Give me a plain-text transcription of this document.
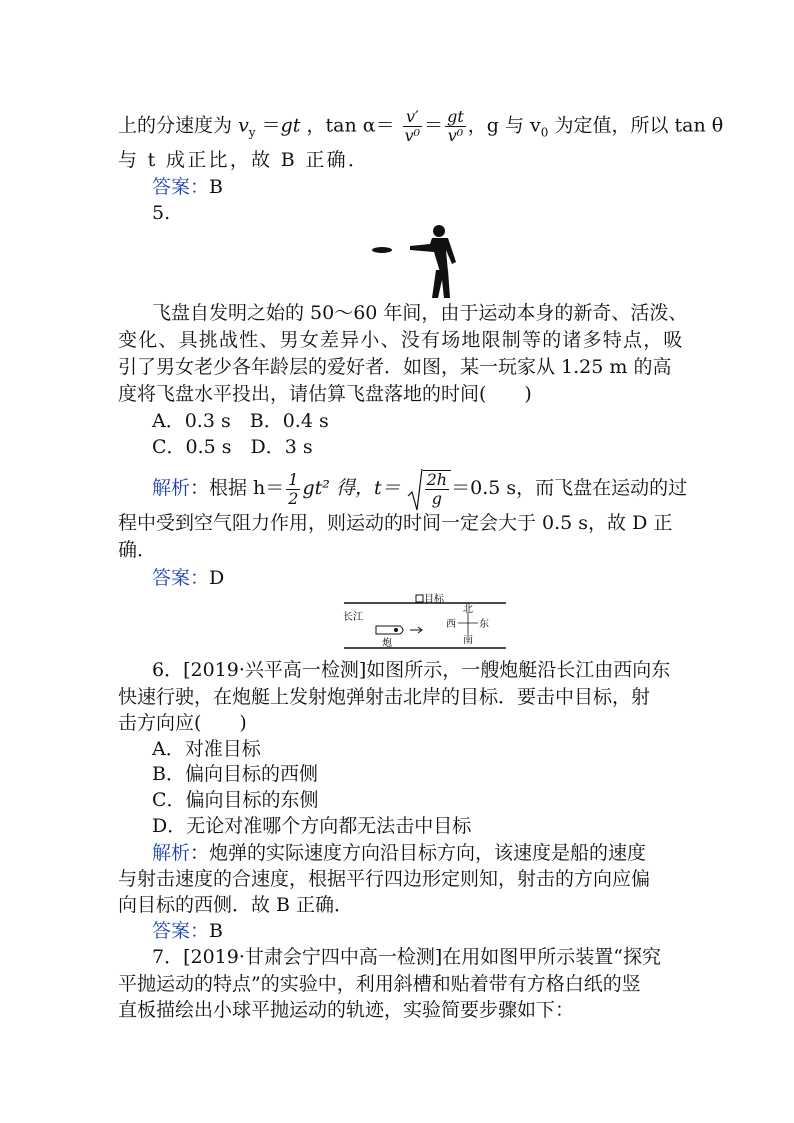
上的分速度为 $v_y =gt$ ，$\tan \alpha= \frac{v'}{\text{v⁰}} = \frac{gt}{\text{v⁰}}$ ，g 与 $v_0$ 为定值，所以 tan θ
与 t 成正比，故 B 正确．
答案：B
5.
飞盘自发明之始的 50～60 年间，由于运动本身的新奇、活泼、
变化、具挑战性、男女差异小、没有场地限制等的诸多特点，吸
引了男女老少各年龄层的爱好者．如图，某一玩家从 1.25 m 的高
度将飞盘水平投出，请估算飞盘落地的时间(　　)
A．0.3 s　B．0.4 s
C．0.5 s　D．3 s
解析：根据 $h= \frac{1}{2} gt^2$ 得，$t= \frac{2h}{g} =0.5$ s，而飞盘在运动的过
程中受到空气阻力作用，则运动的时间一定会大于 0.5 s，故 D 正
确．
答案：D
目标
长江
炮
北
西 东
南
6．[2019·兴平高一检测]如图所示，一艘炮艇沿长江由西向东
快速行驶，在炮艇上发射炮弹射击北岸的目标．要击中目标，射
击方向应(　　)
A．对准目标
B．偏向目标的西侧
C．偏向目标的东侧
D．无论对准哪个方向都无法击中目标
解析：炮弹的实际速度方向沿目标方向，该速度是船的速度
与射击速度的合速度，根据平行四边形定则知，射击的方向应偏
向目标的西侧．故 B 正确．
答案：B
7．[2019·甘肃会宁四中高一检测]在用如图甲所示装置“探究
平抛运动的特点”的实验中，利用斜槽和贴着带有方格白纸的竖
直板描绘出小球平抛运动的轨迹，实验简要步骤如下：
